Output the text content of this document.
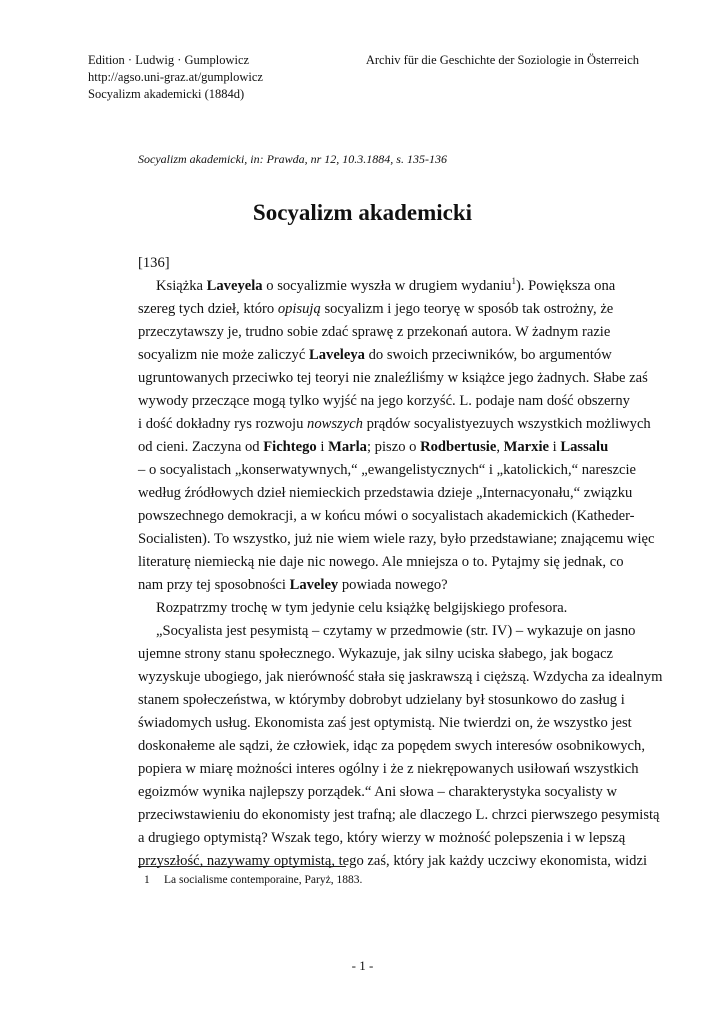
Edition · Ludwig · Gumplowicz
http://agso.uni-graz.at/gumplowicz
Socyalizm akademicki (1884d)
Archiv für die Geschichte der Soziologie in Österreich
Socyalizm akademicki, in: Prawda, nr 12, 10.3.1884, s. 135-136
Socyalizm akademicki
[136]
Książka Laveyela o socyalizmie wyszła w drugiem wydaniu$^1$). Powiększa ona
szereg tych dzieł, któro opisują socyalizm i jego teoryę w sposób tak ostrożny, że
przeczytawszy je, trudno sobie zdać sprawę z przekonań autora. W żadnym razie
socyalizm nie może zaliczyć Laveleya do swoich przeciwników, bo argumentów
ugruntowanych przeciwko tej teoryi nie znaleźliśmy w książce jego żadnych. Słabe zaś
wywody przeczące mogą tylko wyjść na jego korzyść. L. podaje nam dość obszerny
i dość dokładny rys rozwoju nowszych prądów socyalistyezuych wszystkich możliwych
od cieni. Zaczyna od Fichtego i Marla; piszo o Rodbertusie, Marxie i Lassalu
– o socyalistach „konserwatywnych,“ „ewangelistycznych“ i „katolickich,“ nareszcie
według źródłowych dzieł niemieckich przedstawia dzieje „Internacyonału,“ związku
powszechnego demokracji, a w końcu mówi o socyalistach akademickich (Katheder-
Socialisten). To wszystko, już nie wiem wiele razy, było przedstawiane; znającemu więc
literaturę niemiecką nie daje nic nowego. Ale mniejsza o to. Pytajmy się jednak, co
nam przy tej sposobności Laveley powiada nowego?
Rozpatrzmy trochę w tym jedynie celu książkę belgijskiego profesora.
„Socyalista jest pesymistą – czytamy w przedmowie (str. IV) – wykazuje on jasno
ujemne strony stanu społecznego. Wykazuje, jak silny uciska słabego, jak bogacz
wyzyskuje ubogiego, jak nierówność stała się jaskrawszą i cięższą. Wzdycha za idealnym
stanem społeczeństwa, w którymby dobrobyt udzielany był stosunkowo do zasług i
świadomych usług. Ekonomista zaś jest optymistą. Nie twierdzi on, że wszystko jest
doskonałeme ale sądzi, że człowiek, idąc za popędem swych interesów osobnikowych,
popiera w miarę możności interes ogólny i że z niekrępowanych usiłowań wszystkich
egoizmów wynika najlepszy porządek.“ Ani słowa – charakterystyka socyalisty w
przeciwstawieniu do ekonomisty jest trafną; ale dlaczego L. chrzci pierwszego pesymistą
a drugiego optymistą? Wszak tego, który wierzy w możność polepszenia i w lepszą
przyszłość, nazywamy optymistą, tego zaś, który jak każdy uczciwy ekonomista, widzi
1 La socialisme contemporaine, Paryż, 1883.
- 1 -
